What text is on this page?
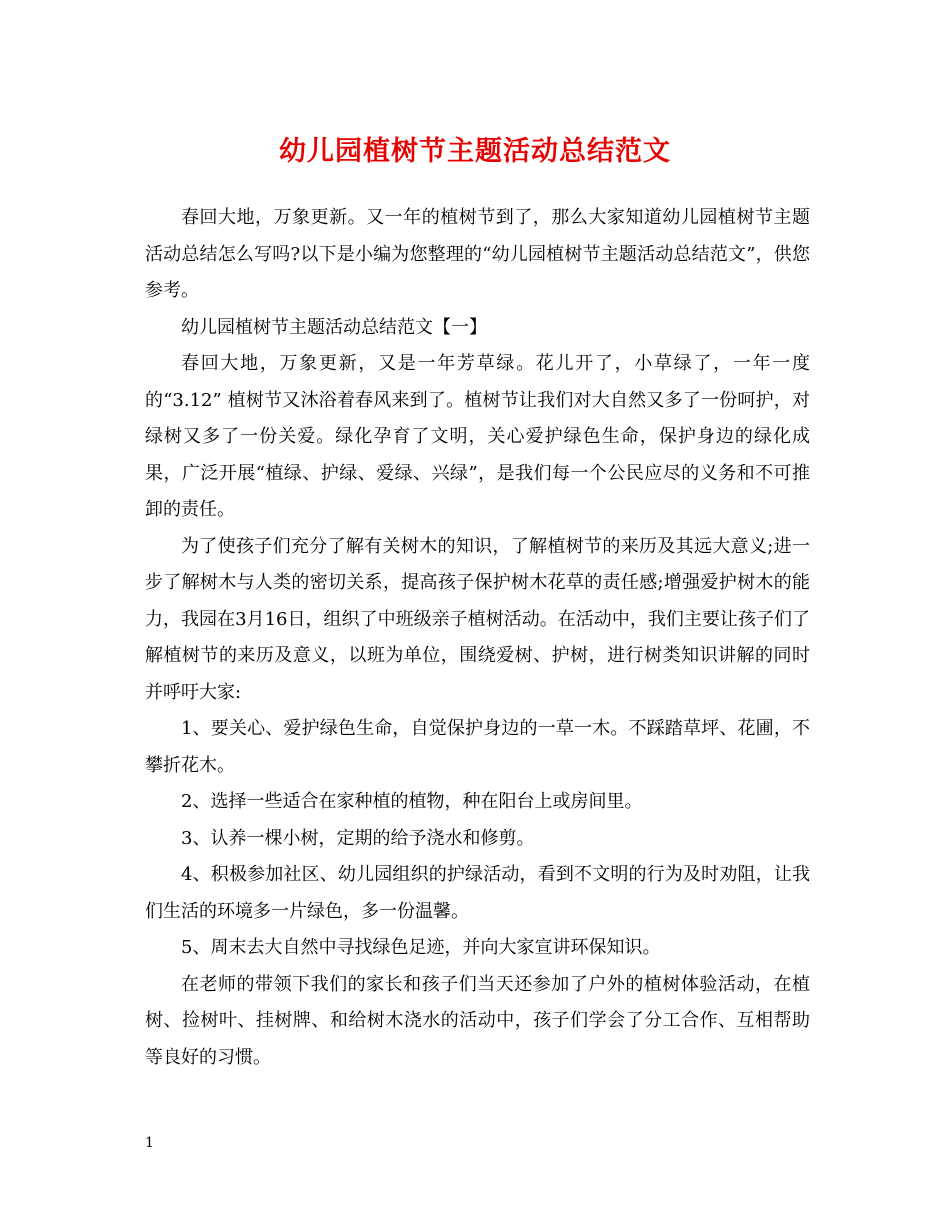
幼儿园植树节主题活动总结范文

春回大地，万象更新。又一年的植树节到了，那么大家知道幼儿园植树节主题活动总结怎么写吗?以下是小编为您整理的“幼儿园植树节主题活动总结范文”，供您参考。

幼儿园植树节主题活动总结范文【一】

春回大地，万象更新，又是一年芳草绿。花儿开了，小草绿了，一年一度的“3.12” 植树节又沐浴着春风来到了。植树节让我们对大自然又多了一份呵护，对绿树又多了一份关爱。绿化孕育了文明，关心爱护绿色生命，保护身边的绿化成果，广泛开展“植绿、护绿、爱绿、兴绿”，是我们每一个公民应尽的义务和不可推卸的责任。

为了使孩子们充分了解有关树木的知识，了解植树节的来历及其远大意义;进一步了解树木与人类的密切关系，提高孩子保护树木花草的责任感;增强爱护树木的能力，我园在3月16日，组织了中班级亲子植树活动。在活动中，我们主要让孩子们了解植树节的来历及意义，以班为单位，围绕爱树、护树，进行树类知识讲解的同时并呼吁大家:

1、要关心、爱护绿色生命，自觉保护身边的一草一木。不踩踏草坪、花圃，不攀折花木。

2、选择一些适合在家种植的植物，种在阳台上或房间里。

3、认养一棵小树，定期的给予浇水和修剪。

4、积极参加社区、幼儿园组织的护绿活动，看到不文明的行为及时劝阻，让我们生活的环境多一片绿色，多一份温馨。

5、周末去大自然中寻找绿色足迹，并向大家宣讲环保知识。

在老师的带领下我们的家长和孩子们当天还参加了户外的植树体验活动，在植树、捡树叶、挂树牌、和给树木浇水的活动中，孩子们学会了分工合作、互相帮助等良好的习惯。

1
